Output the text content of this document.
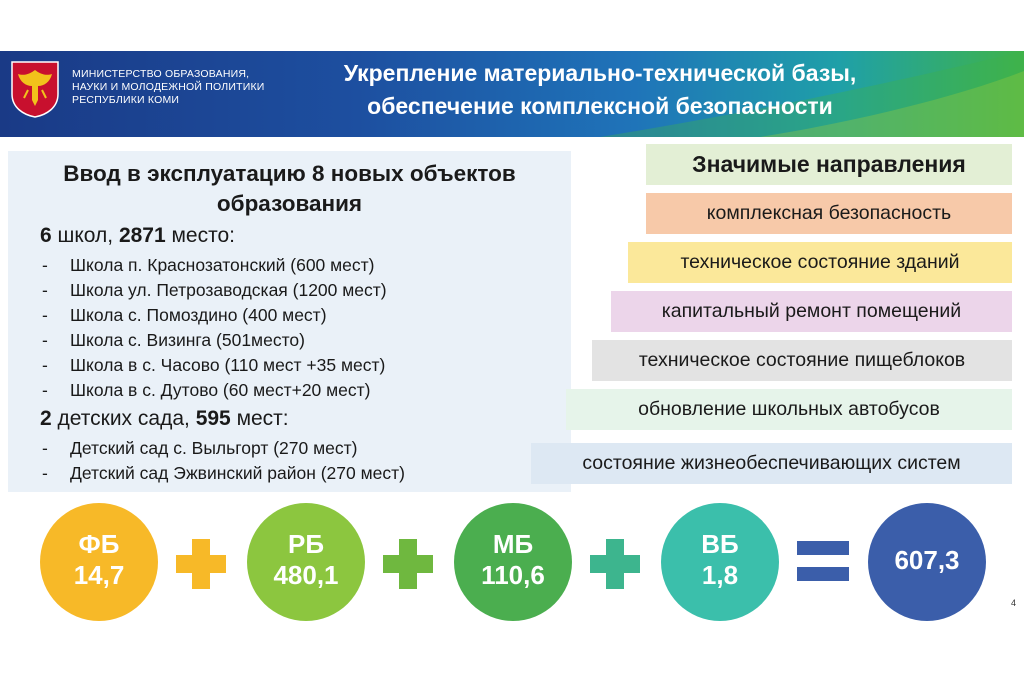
МИНИСТЕРСТВО ОБРАЗОВАНИЯ,
НАУКИ И МОЛОДЕЖНОЙ ПОЛИТИКИ
РЕСПУБЛИКИ КОМИ
Укрепление материально-технической базы,
обеспечение комплексной безопасности
Ввод в эксплуатацию 8 новых объектов
образования
6 школ, 2871 место:
- Школа п. Краснозатонский (600 мест)
- Школа ул. Петрозаводская (1200 мест)
- Школа с. Помоздино (400 мест)
- Школа с. Визинга (501место)
- Школа в с. Часово (110 мест +35 мест)
- Школа в с. Дутово (60 мест+20 мест)
2 детских сада, 595 мест:
- Детский сад с. Выльгорт (270 мест)
- Детский сад Эжвинский район (270 мест)
Значимые направления
комплексная безопасность
техническое состояние зданий
капитальный ремонт помещений
техническое состояние пищеблоков
обновление школьных автобусов
состояние жизнеобеспечивающих систем
ФБ
14,7
РБ
480,1
МБ
110,6
ВБ
1,8	607,3
4
